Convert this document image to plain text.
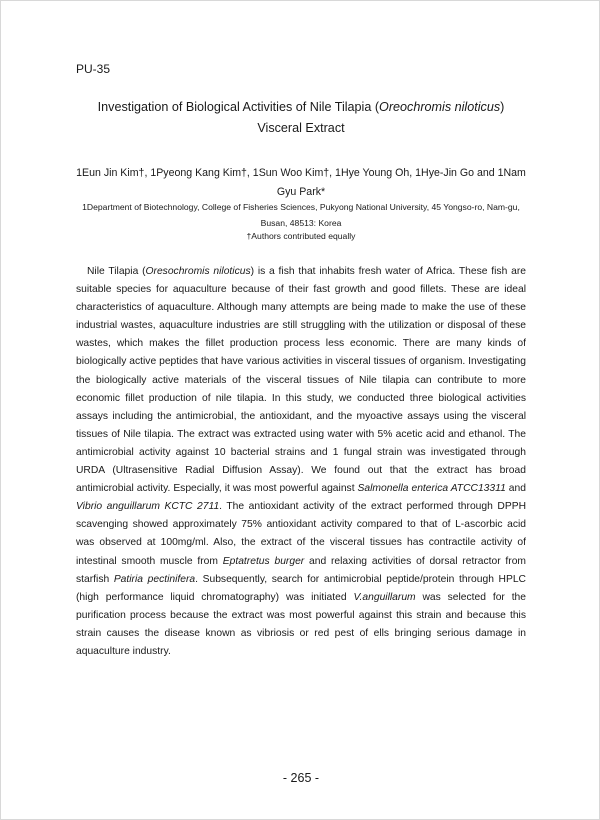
PU-35
Investigation of Biological Activities of Nile Tilapia (Oreochromis niloticus)
Visceral Extract
1Eun Jin Kim†, 1Pyeong Kang Kim†, 1Sun Woo Kim†, 1Hye Young Oh, 1Hye-Jin Go and 1Nam Gyu Park*
1Department of Biotechnology, College of Fisheries Sciences, Pukyong National University, 45 Yongso-ro, Nam-gu, Busan, 48513: Korea
†Authors contributed equally

Nile Tilapia (Oresochromis niloticus) is a fish that inhabits fresh water of Africa. These fish are suitable species for aquaculture because of their fast growth and good fillets. These are ideal characteristics of aquaculture. Although many attempts are being made to make the use of these industrial wastes, aquaculture industries are still struggling with the utilization or disposal of these wastes, which makes the fillet production process less economic. There are many kinds of biologically active peptides that have various activities in visceral tissues of organism. Investigating the biologically active materials of the visceral tissues of Nile tilapia can contribute to more economic fillet production of nile tilapia. In this study, we conducted three biological activities assays including the antimicrobial, the antioxidant, and the myoactive assays using the visceral tissues of Nile tilapia. The extract was extracted using water with 5% acetic acid and ethanol. The antimicrobial activity against 10 bacterial strains and 1 fungal strain was investigated through URDA (Ultrasensitive Radial Diffusion Assay). We found out that the extract has broad antimicrobial activity. Especially, it was most powerful against Salmonella enterica ATCC13311 and Vibrio anguillarum KCTC 2711. The antioxidant activity of the extract performed through DPPH scavenging showed approximately 75% antioxidant activity compared to that of L-ascorbic acid was observed at 100mg/ml. Also, the extract of the visceral tissues has contractile activity of intestinal smooth muscle from Eptatretus burger and relaxing activities of dorsal retractor from starfish Patiria pectinifera. Subsequently, search for antimicrobial peptide/protein through HPLC (high performance liquid chromatography) was initiated V.anguillarum was selected for the purification process because the extract was most powerful against this strain and because this strain causes the disease known as vibriosis or red pest of ells bringing serious damage in aquaculture industry.

- 265 -
